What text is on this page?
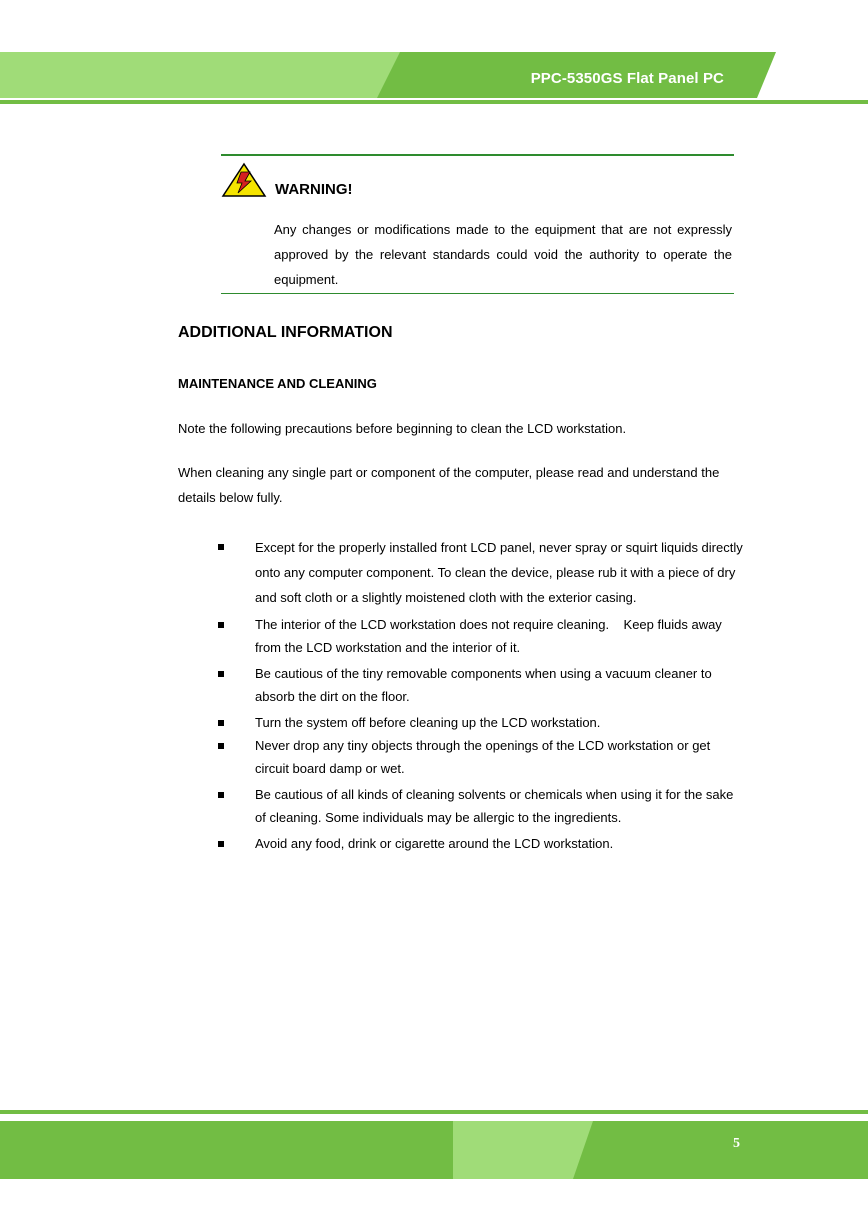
PPC-5350GS Flat Panel PC
WARNING!
Any changes or modifications made to the equipment that are not expressly approved by the relevant standards could void the authority to operate the equipment.
ADDITIONAL INFORMATION
MAINTENANCE AND CLEANING
Note the following precautions before beginning to clean the LCD workstation.
When cleaning any single part or component of the computer, please read and understand the details below fully.
Except for the properly installed front LCD panel, never spray or squirt liquids directly onto any computer component. To clean the device, please rub it with a piece of dry and soft cloth or a slightly moistened cloth with the exterior casing.
The interior of the LCD workstation does not require cleaning.    Keep fluids away from the LCD workstation and the interior of it.
Be cautious of the tiny removable components when using a vacuum cleaner to absorb the dirt on the floor.
Turn the system off before cleaning up the LCD workstation.
Never drop any tiny objects through the openings of the LCD workstation or get circuit board damp or wet.
Be cautious of all kinds of cleaning solvents or chemicals when using it for the sake of cleaning. Some individuals may be allergic to the ingredients.
Avoid any food, drink or cigarette around the LCD workstation.
5
